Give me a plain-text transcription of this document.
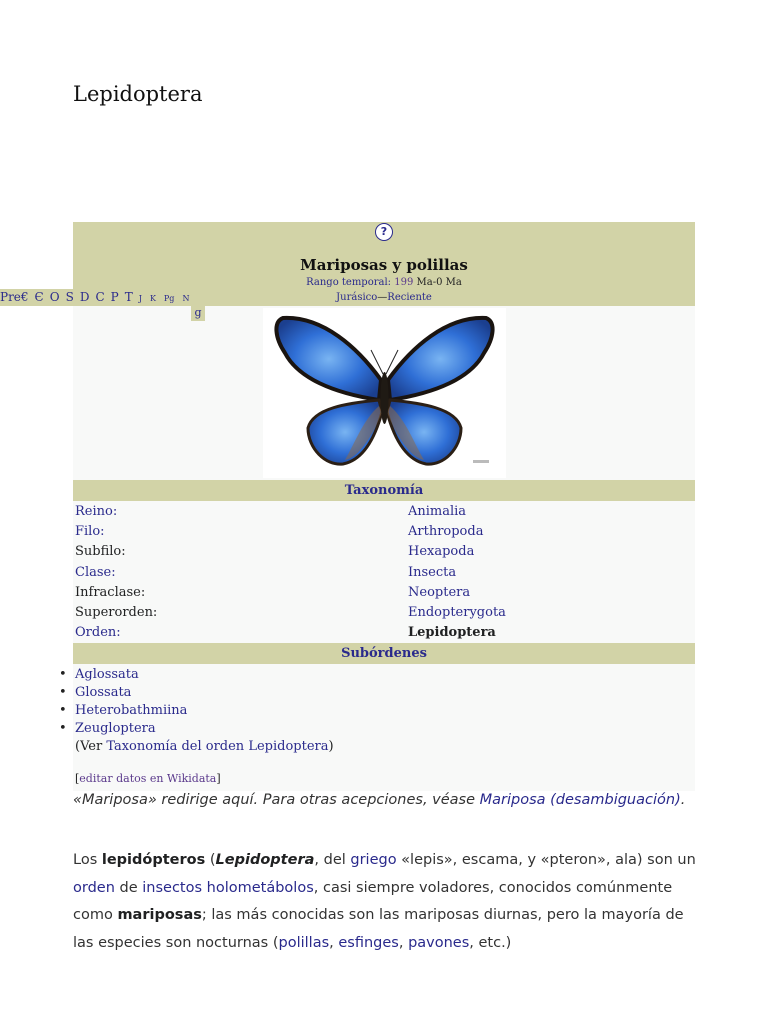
Lepidoptera
?
Mariposas y polillas
Rango temporal: 199 Ma-0 Ma
Jurásico—Reciente
Taxonomía
Reino:	Animalia
Filo:	Arthropoda
Subfilo:	Hexapoda
Clase:	Insecta
Infraclase:	Neoptera
Superorden:	Endopterygota
Orden:	Lepidoptera
Subórdenes
• Aglossata
• Glossata
• Heterobathmiina
• Zeugloptera
(Ver Taxonomía del orden Lepidoptera)
[editar datos en Wikidata]
Pre€ Є O S D C P T J K Pg N
g

«Mariposa» redirige aquí. Para otras acepciones, véase Mariposa (desambiguación).

Los lepidópteros (Lepidoptera, del griego «lepis», escama, y «pteron», ala) son un orden de insectos holometábolos, casi siempre voladores, conocidos comúnmente como mariposas; las más conocidas son las mariposas diurnas, pero la mayoría de las especies son nocturnas (polillas, esfinges, pavones, etc.)
